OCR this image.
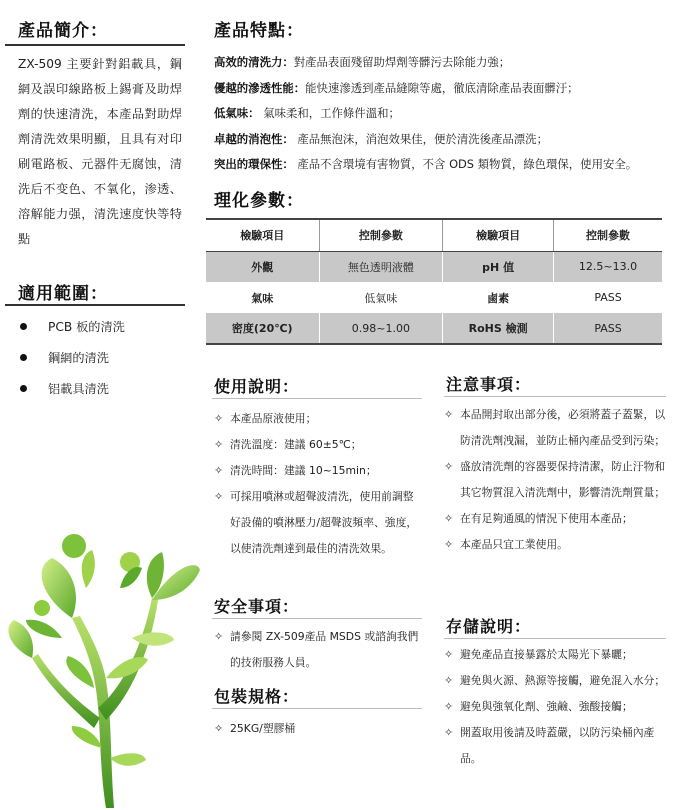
產品簡介：
ZX-509 主要針對鋁載具，鋼網及誤印線路板上錫膏及助焊劑的快速清洗，本產品對助焊劑清洗效果明顯，且具有对印刷電路板、元器件无腐蚀，清洗后不变色、不氧化，渗透、溶解能力强，清洗速度快等特點
適用範圍：
PCB 板的清洗
鋼網的清洗
铝載具清洗
產品特點：
高效的清洗力：對產品表面殘留助焊劑等髒污去除能力強；
優越的滲透性能：能快速滲透到產品縫隙等處，徹底清除產品表面髒汙；
低氣味： 氣味柔和，工作條件溫和；
卓越的消泡性： 產品無泡沫，消泡效果佳，便於清洗後產品漂洗；
突出的環保性： 產品不含環境有害物質，不含 ODS 類物質，綠色環保，使用安全。
理化參數：
檢驗項目	控制參數	檢驗項目	控制參數
外觀	無色透明液體	pH 值	12.5~13.0
氣味	低氣味	鹵素	PASS
密度(20℃)	0.98~1.00	RoHS 檢測	PASS
使用說明：
✧ 本產品原液使用；
✧ 清洗溫度：建議 60±5℃；
✧ 清洗時間：建議 10~15min；
✧ 可採用噴淋或超聲波清洗，使用前調整好設備的噴淋壓力/超聲波頻率、強度，以使清洗劑達到最佳的清洗效果。
安全事項：
✧ 請參閱 ZX-509產品 MSDS 或諮詢我們的技術服務人員。
包裝規格：
✧ 25KG/塑膠桶
注意事項：
✧ 本品開封取出部分後，必須將蓋子蓋緊，以防清洗劑洩漏，並防止桶內產品受到污染；
✧ 盛放清洗劑的容器要保持清潔，防止汙物和其它物質混入清洗劑中，影響清洗劑質量；
✧ 在有足夠通風的情況下使用本產品；
✧ 本產品只宜工業使用。
存儲說明：
✧ 避免產品直接暴露於太陽光下暴曬；
✧ 避免與火源、熱源等接觸，避免混入水分；
✧ 避免與強氧化劑、強鹼、強酸接觸；
✧ 開蓋取用後請及時蓋嚴，以防污染桶內產品。
